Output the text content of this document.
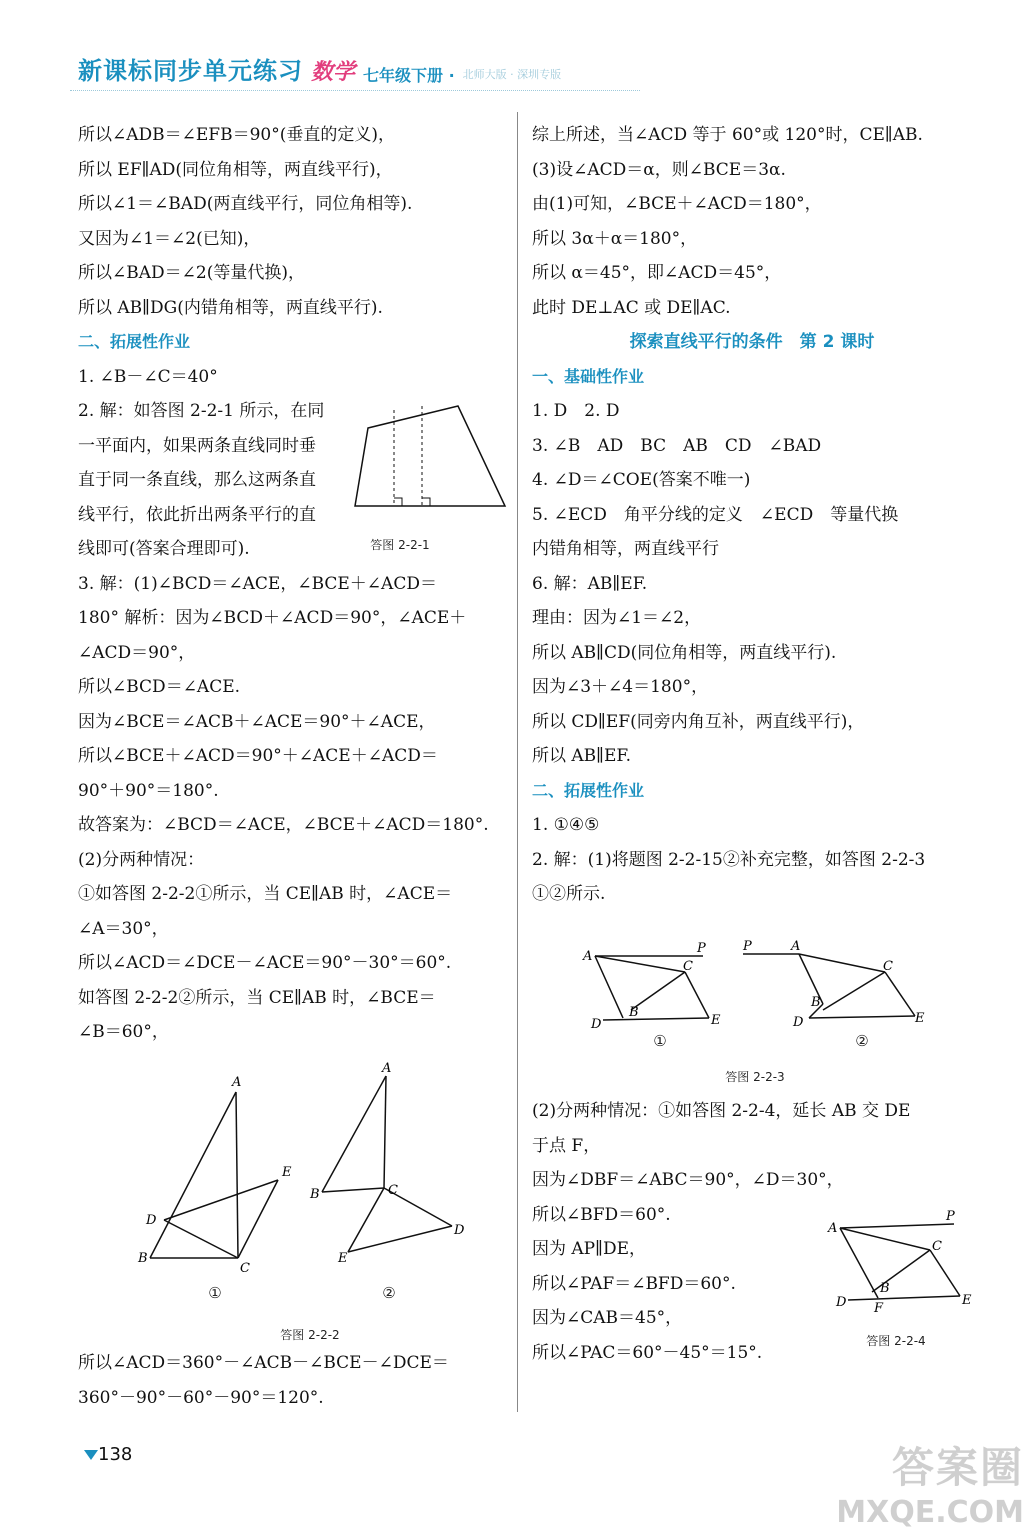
新课标同步单元练习 数学 七年级下册 · 北师大版 · 深圳专版
所以∠ADB＝∠EFB＝90°(垂直的定义)，
所以 EF∥AD(同位角相等，两直线平行)，
所以∠1＝∠BAD(两直线平行，同位角相等).
又因为∠1＝∠2(已知)，
所以∠BAD＝∠2(等量代换)，
所以 AB∥DG(内错角相等，两直线平行).
二、拓展性作业
1. ∠B－∠C＝40°
2. 解：如答图 2-2-1 所示，在同
一平面内，如果两条直线同时垂
直于同一条直线，那么这两条直
线平行，依此折出两条平行的直
线即可(答案合理即可).
3. 解：(1)∠BCD＝∠ACE，∠BCE＋∠ACD＝
180° 解析：因为∠BCD＋∠ACD＝90°，∠ACE＋
∠ACD＝90°，
所以∠BCD＝∠ACE.
因为∠BCE＝∠ACB＋∠ACE＝90°＋∠ACE，
所以∠BCE＋∠ACD＝90°＋∠ACE＋∠ACD＝
90°＋90°＝180°.
故答案为：∠BCD＝∠ACE，∠BCE＋∠ACD＝180°.
(2)分两种情况：
①如答图 2-2-2①所示，当 CE∥AB 时，∠ACE＝
∠A＝30°，
所以∠ACD＝∠DCE－∠ACE＝90°－30°＝60°.
如答图 2-2-2②所示，当 CE∥AB 时，∠BCE＝
∠B＝60°，
答图 2-2-1
A
B
C
D
E
A
B	C
D
E
①	②
答图 2-2-2
所以∠ACD＝360°－∠ACB－∠BCE－∠DCE＝
360°－90°－60°－90°＝120°.
综上所述，当∠ACD 等于 60°或 120°时，CE∥AB.
(3)设∠ACD＝α，则∠BCE＝3α.
由(1)可知，∠BCE＋∠ACD＝180°，
所以 3α＋α＝180°，
所以 α＝45°，即∠ACD＝45°，
此时 DE⊥AC 或 DE∥AC.
探索直线平行的条件　第 2 课时
一、基础性作业
1. D　2. D
3. ∠B　AD　BC　AB　CD　∠BAD
4. ∠D＝∠COE(答案不唯一)
5. ∠ECD　角平分线的定义　∠ECD　等量代换
内错角相等，两直线平行
6. 解：AB∥EF.
理由：因为∠1＝∠2，
所以 AB∥CD(同位角相等，两直线平行).
因为∠3＋∠4＝180°，
所以 CD∥EF(同旁内角互补，两直线平行)，
所以 AB∥EF.
二、拓展性作业
1. ①④⑤
2. 解：(1)将题图 2-2-15②补充完整，如答图 2-2-3
①②所示.
A
P
C
B
D	E
P	A
C
B
D	E
①	②
答图 2-2-3
(2)分两种情况：①如答图 2-2-4，延长 AB 交 DE
于点 F，
因为∠DBF＝∠ABC＝90°，∠D＝30°，
所以∠BFD＝60°.
因为 AP∥DE，
所以∠PAF＝∠BFD＝60°.
因为∠CAB＝45°，
所以∠PAC＝60°－45°＝15°.
A
P
C
B
D F
E
答图 2-2-4
138	答案圈
MXQE.COM
